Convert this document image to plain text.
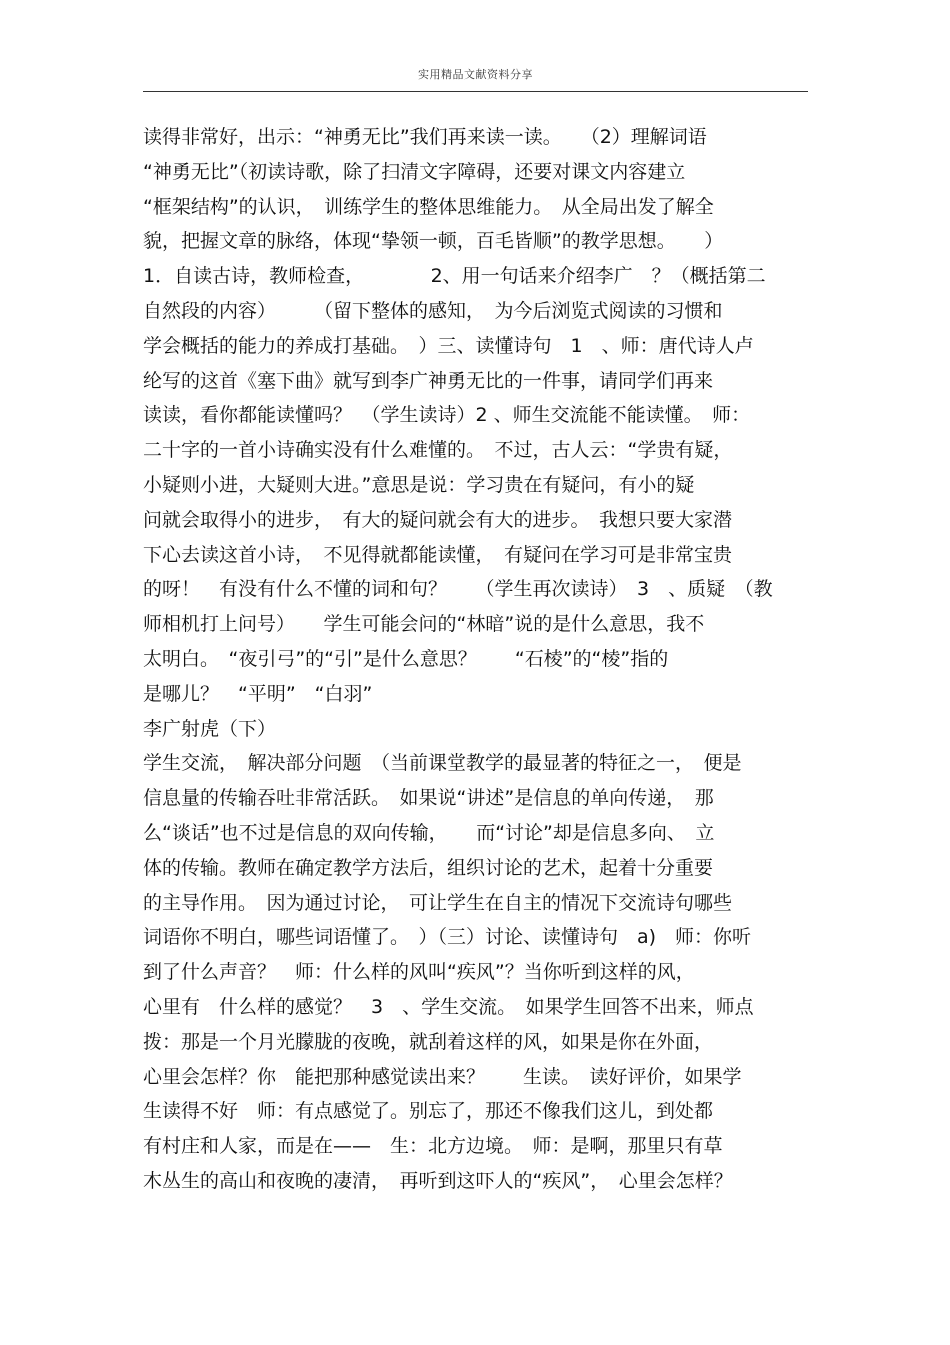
实用精品文献资料分享
读得非常好，出示：“神勇无比”我们再来读一读。　　（2）理解词语
“神勇无比”（初读诗歌，除了扫清文字障碍，还要对课文内容建立
“框架结构”的认识，　训练学生的整体思维能力。　从全局出发了解全
貌，把握文章的脉络，体现“挚领一顿，百毛皆顺”的教学思想。　　）
1．自读古诗，教师检查，　　　　2、用一句话来介绍李广　？（概括第二
自然段的内容）　　　（留下整体的感知，　为今后浏览式阅读的习惯和
学会概括的能力的养成打基础。　）三、读懂诗句　1　、师：唐代诗人卢
纶写的这首《塞下曲》就写到李广神勇无比的一件事，请同学们再来
读读，看你都能读懂吗？　（学生读诗）2 、师生交流能不能读懂。　师：
二十字的一首小诗确实没有什么难懂的。　不过，古人云：“学贵有疑，
小疑则小进，大疑则大进。”意思是说：学习贵在有疑问，有小的疑
问就会取得小的进步，　有大的疑问就会有大的进步。　我想只要大家潜
下心去读这首小诗，　不见得就都能读懂，　有疑问在学习可是非常宝贵
的呀！　有没有什么不懂的词和句？　　（学生再次读诗）　3　、质疑　（教
师相机打上问号）　　学生可能会问的“林暗”说的是什么意思，我不
太明白。　“夜引弓”的“引”是什么意思？　　“石棱”的“棱”指的
是哪儿？　“平明”　“白羽”
李广射虎（下）
学生交流，　解决部分问题　（当前课堂教学的最显著的特征之一，　便是
信息量的传输吞吐非常活跃。　如果说“讲述”是信息的单向传递，　那
么“谈话”也不过是信息的双向传输，　　而“讨论”却是信息多向、　立
体的传输。教师在确定教学方法后，组织讨论的艺术，起着十分重要
的主导作用。　因为通过讨论，　可让学生在自主的情况下交流诗句哪些
词语你不明白，哪些词语懂了。　）（三）讨论、读懂诗句　a)　师：你听
到了什么声音？　师：什么样的风叫“疾风”？当你听到这样的风，
心里有　什么样的感觉？　3　、学生交流。　如果学生回答不出来，师点
拨：那是一个月光朦胧的夜晚，就刮着这样的风，如果是你在外面，
心里会怎样？你　能把那种感觉读出来？　　生读。　读好评价，如果学
生读得不好　师：有点感觉了。别忘了，那还不像我们这儿，到处都
有村庄和人家，而是在——　生：北方边境。　师：是啊，那里只有草
木丛生的高山和夜晚的凄清，　再听到这吓人的“疾风”，　心里会怎样？
